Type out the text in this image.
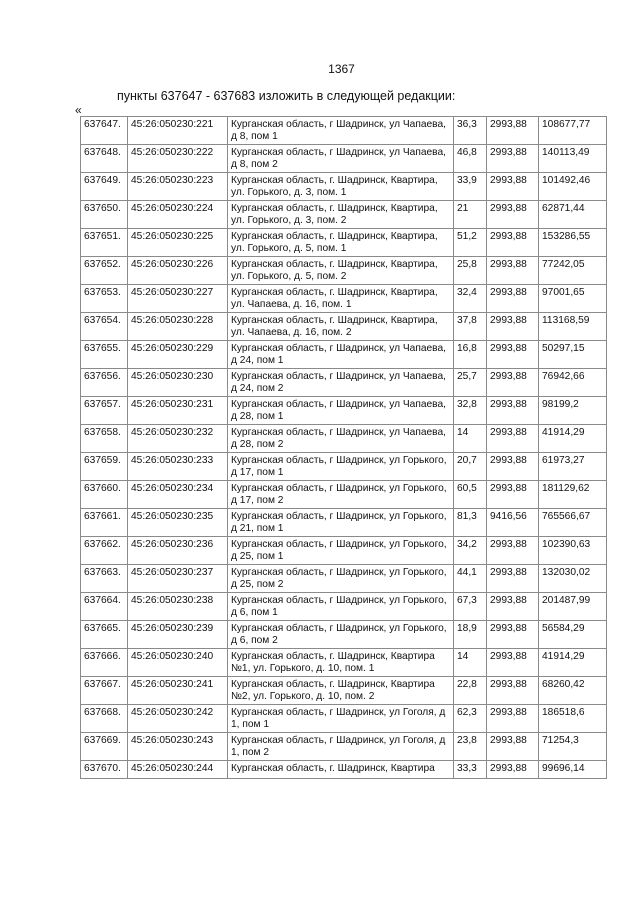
1367
пункты 637647 - 637683 изложить в следующей редакции:
«
637647.	45:26:050230:221	Курганская область, г Шадринск, ул Чапаева, д 8, пом 1	36,3	2993,88	108677,77
637648.	45:26:050230:222	Курганская область, г Шадринск, ул Чапаева, д 8, пом 2	46,8	2993,88	140113,49
637649.	45:26:050230:223	Курганская область, г. Шадринск, Квартира, ул. Горького, д. 3, пом. 1	33,9	2993,88	101492,46
637650.	45:26:050230:224	Курганская область, г. Шадринск, Квартира, ул. Горького, д. 3, пом. 2	21	2993,88	62871,44
637651.	45:26:050230:225	Курганская область, г. Шадринск, Квартира, ул. Горького, д. 5, пом. 1	51,2	2993,88	153286,55
637652.	45:26:050230:226	Курганская область, г. Шадринск, Квартира, ул. Горького, д. 5, пом. 2	25,8	2993,88	77242,05
637653.	45:26:050230:227	Курганская область, г. Шадринск, Квартира, ул. Чапаева, д. 16, пом. 1	32,4	2993,88	97001,65
637654.	45:26:050230:228	Курганская область, г. Шадринск, Квартира, ул. Чапаева, д. 16, пом. 2	37,8	2993,88	113168,59
637655.	45:26:050230:229	Курганская область, г Шадринск, ул Чапаева, д 24, пом 1	16,8	2993,88	50297,15
637656.	45:26:050230:230	Курганская область, г Шадринск, ул Чапаева, д 24, пом 2	25,7	2993,88	76942,66
637657.	45:26:050230:231	Курганская область, г Шадринск, ул Чапаева, д 28, пом 1	32,8	2993,88	98199,2
637658.	45:26:050230:232	Курганская область, г Шадринск, ул Чапаева, д 28, пом 2	14	2993,88	41914,29
637659.	45:26:050230:233	Курганская область, г Шадринск, ул Горького, д 17, пом 1	20,7	2993,88	61973,27
637660.	45:26:050230:234	Курганская область, г Шадринск, ул Горького, д 17, пом 2	60,5	2993,88	181129,62
637661.	45:26:050230:235	Курганская область, г Шадринск, ул Горького, д 21, пом 1	81,3	9416,56	765566,67
637662.	45:26:050230:236	Курганская область, г Шадринск, ул Горького, д 25, пом 1	34,2	2993,88	102390,63
637663.	45:26:050230:237	Курганская область, г Шадринск, ул Горького, д 25, пом 2	44,1	2993,88	132030,02
637664.	45:26:050230:238	Курганская область, г Шадринск, ул Горького, д 6, пом 1	67,3	2993,88	201487,99
637665.	45:26:050230:239	Курганская область, г Шадринск, ул Горького, д 6, пом 2	18,9	2993,88	56584,29
637666.	45:26:050230:240	Курганская область, г. Шадринск, Квартира №1, ул. Горького, д. 10, пом. 1	14	2993,88	41914,29
637667.	45:26:050230:241	Курганская область, г. Шадринск, Квартира №2, ул. Горького, д. 10, пом. 2	22,8	2993,88	68260,42
637668.	45:26:050230:242	Курганская область, г Шадринск, ул Гоголя, д 1, пом 1	62,3	2993,88	186518,6
637669.	45:26:050230:243	Курганская область, г Шадринск, ул Гоголя, д 1, пом 2	23,8	2993,88	71254,3
637670.	45:26:050230:244	Курганская область, г. Шадринск, Квартира	33,3	2993,88	99696,14
